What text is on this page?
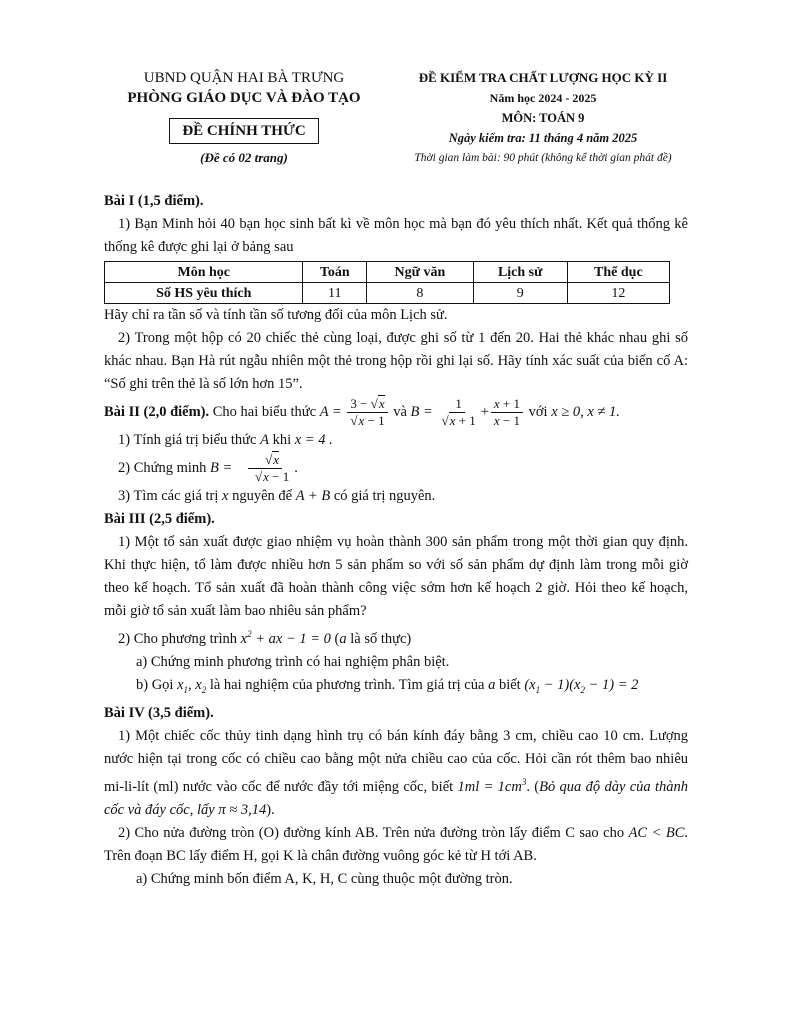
UBND QUẬN HAI BÀ TRƯNG
PHÒNG GIÁO DỤC VÀ ĐÀO TẠO
ĐỀ CHÍNH THỨC
(Đề có 02 trang)
ĐỀ KIỂM TRA CHẤT LƯỢNG HỌC KỲ II
Năm học 2024 - 2025
MÔN: TOÁN 9
Ngày kiểm tra: 11 tháng 4 năm 2025
Thời gian làm bài: 90 phút (không kể thời gian phát đề)

Bài I (1,5 điểm).

1) Bạn Minh hỏi 40 bạn học sinh bất kì về môn học mà bạn đó yêu thích nhất. Kết quả thống kê thống kê được ghi lại ở bảng sau

Môn học	Toán	Ngữ văn	Lịch sử	Thể dục
Số HS yêu thích	11	8	9	12

Hãy chỉ ra tần số và tính tần số tương đối của môn Lịch sử.

2) Trong một hộp có 20 chiếc thẻ cùng loại, được ghi số từ 1 đến 20. Hai thẻ khác nhau ghi số khác nhau. Bạn Hà rút ngẫu nhiên một thẻ trong hộp rồi ghi lại số. Hãy tính xác suất của biến cố A: “Số ghi trên thẻ là số lớn hơn 15”.

Bài II (2,0 điểm). Cho hai biểu thức $A = \frac{3 - √x}{√x - 1}$ và $B = \frac{1}{√x + 1} + \frac{x + 1}{x - 1}$ với x ≥ 0, x ≠ 1.

1) Tính giá trị biểu thức A khi x = 4 .

2) Chứng minh $B = \frac{√x}{√x - 1}$ .

3) Tìm các giá trị x nguyên để A + B có giá trị nguyên.

Bài III (2,5 điểm).

1) Một tổ sản xuất được giao nhiệm vụ hoàn thành 300 sản phẩm trong một thời gian quy định. Khi thực hiện, tổ làm được nhiều hơn 5 sản phẩm so với số sản phẩm dự định làm trong mỗi giờ theo kế hoạch. Tổ sản xuất đã hoàn thành công việc sớm hơn kế hoạch 2 giờ. Hỏi theo kế hoạch, mỗi giờ tổ sản xuất làm bao nhiêu sản phẩm?

2) Cho phương trình $x^2$ + ax − 1 = 0 (a là số thực)

a) Chứng minh phương trình có hai nghiệm phân biệt.

b) Gọi $x_1$, $x_2$ là hai nghiệm của phương trình. Tìm giá trị của a biết $(x_1 - 1)(x_2 - 1) = 2$

Bài IV (3,5 điểm).

1) Một chiếc cốc thủy tinh dạng hình trụ có bán kính đáy bằng 3 cm, chiều cao 10 cm. Lượng nước hiện tại trong cốc có chiều cao bằng một nửa chiều cao của cốc. Hỏi cần rót thêm bao nhiêu mi-li-lít (ml) nước vào cốc để nước đầy tới miệng cốc, biết $1ml = 1cm^3$. (Bỏ qua độ dày của thành cốc và đáy cốc, lấy π ≈ 3,14).

2) Cho nửa đường tròn (O) đường kính AB. Trên nửa đường tròn lấy điểm C sao cho AC < BC. Trên đoạn BC lấy điểm H, gọi K là chân đường vuông góc kẻ từ H tới AB.

a) Chứng minh bốn điểm A, K, H, C cùng thuộc một đường tròn.
